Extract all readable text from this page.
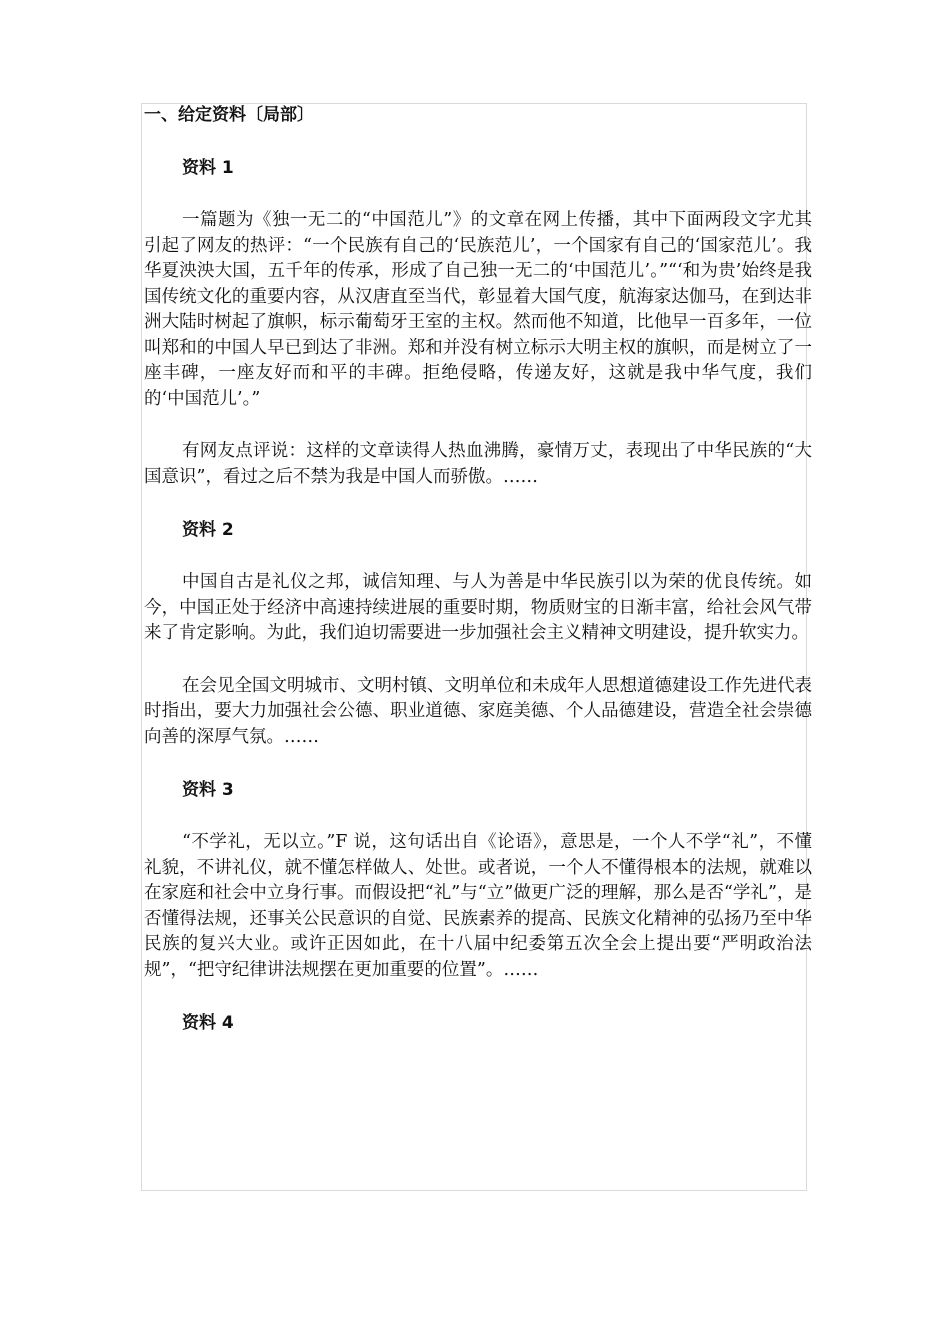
一、给定资料〔局部〕
资料 1

一篇题为《独一无二的“中国范儿”》的文章在网上传播，其中下面两段文字尤其引起了网友的热评：“一个民族有自己的‘民族范儿’，一个国家有自己的‘国家范儿’。我华夏泱泱大国，五千年的传承，形成了自己独一无二的‘中国范儿’。”“‘和为贵’始终是我国传统文化的重要内容，从汉唐直至当代，彰显着大国气度，航海家达伽马，在到达非洲大陆时树起了旗帜，标示葡萄牙王室的主权。然而他不知道，比他早一百多年，一位叫郑和的中国人早已到达了非洲。郑和并没有树立标示大明主权的旗帜，而是树立了一座丰碑，一座友好而和平的丰碑。拒绝侵略，传递友好，这就是我中华气度，我们的‘中国范儿’。”

有网友点评说：这样的文章读得人热血沸腾，豪情万丈，表现出了中华民族的“大国意识”，看过之后不禁为我是中国人而骄傲。……

资料 2

中国自古是礼仪之邦，诚信知理、与人为善是中华民族引以为荣的优良传统。如今，中国正处于经济中高速持续进展的重要时期，物质财宝的日渐丰富，给社会风气带来了肯定影响。为此，我们迫切需要进一步加强社会主义精神文明建设，提升软实力。

在会见全国文明城市、文明村镇、文明单位和未成年人思想道德建设工作先进代表时指出，要大力加强社会公德、职业道德、家庭美德、个人品德建设，营造全社会崇德向善的深厚气氛。……

资料 3

“不学礼，无以立。”F 说，这句话出自《论语》，意思是，一个人不学“礼”，不懂礼貌，不讲礼仪，就不懂怎样做人、处世。或者说，一个人不懂得根本的法规，就难以在家庭和社会中立身行事。而假设把“礼”与“立”做更广泛的理解，那么是否“学礼”，是否懂得法规，还事关公民意识的自觉、民族素养的提高、民族文化精神的弘扬乃至中华民族的复兴大业。或许正因如此，在十八届中纪委第五次全会上提出要“严明政治法规”，“把守纪律讲法规摆在更加重要的位置”。……

资料 4
